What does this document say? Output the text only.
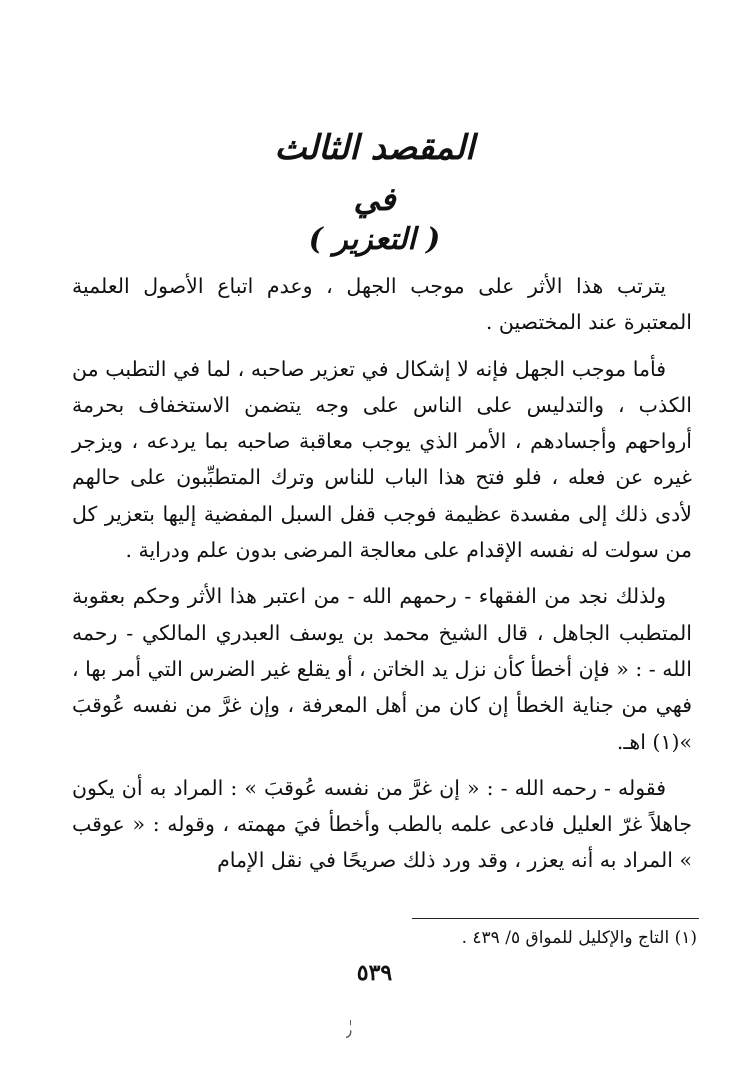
المقصد الثالث
في
( التعزير )

يترتب هذا الأثر على موجب الجهل ، وعدم اتباع الأصول العلمية المعتبرة عند المختصين .

فأما موجب الجهل فإنه لا إشكال في تعزير صاحبه ، لما في التطبب من الكذب ، والتدليس على الناس على وجه يتضمن الاستخفاف بحرمة أرواحهم وأجسادهم ، الأمر الذي يوجب معاقبة صاحبه بما يردعه ، ويزجر غيره عن فعله ، فلو فتح هذا الباب للناس وترك المتطبِّبون على حالهم لأدى ذلك إلى مفسدة عظيمة فوجب قفل السبل المفضية إليها بتعزير كل من سولت له نفسه الإقدام على معالجة المرضى بدون علم ودراية .

ولذلك نجد من الفقهاء - رحمهم الله - من اعتبر هذا الأثر وحكم بعقوبة المتطبب الجاهل ، قال الشيخ محمد بن يوسف العبدري المالكي - رحمه الله - : « فإن أخطأ كأن نزل يد الخاتن ، أو يقلع غير الضرس التي أمر بها ، فهي من جناية الخطأ إن كان من أهل المعرفة ، وإن غرَّ من نفسه عُوقبَ »(١) اهـ.

فقوله - رحمه الله - : « إن غرَّ من نفسه عُوقبَ » : المراد به أن يكون جاهلاً غرّ العليل فادعى علمه بالطب وأخطأ فيَ مهمته ، وقوله : « عوقب » المراد به أنه يعزر ، وقد ورد ذلك صريحًا في نقل الإمام

(١) التاج والإكليل للمواق ٥/ ٤٣٩ .
٥٣٩
٫ٰ
